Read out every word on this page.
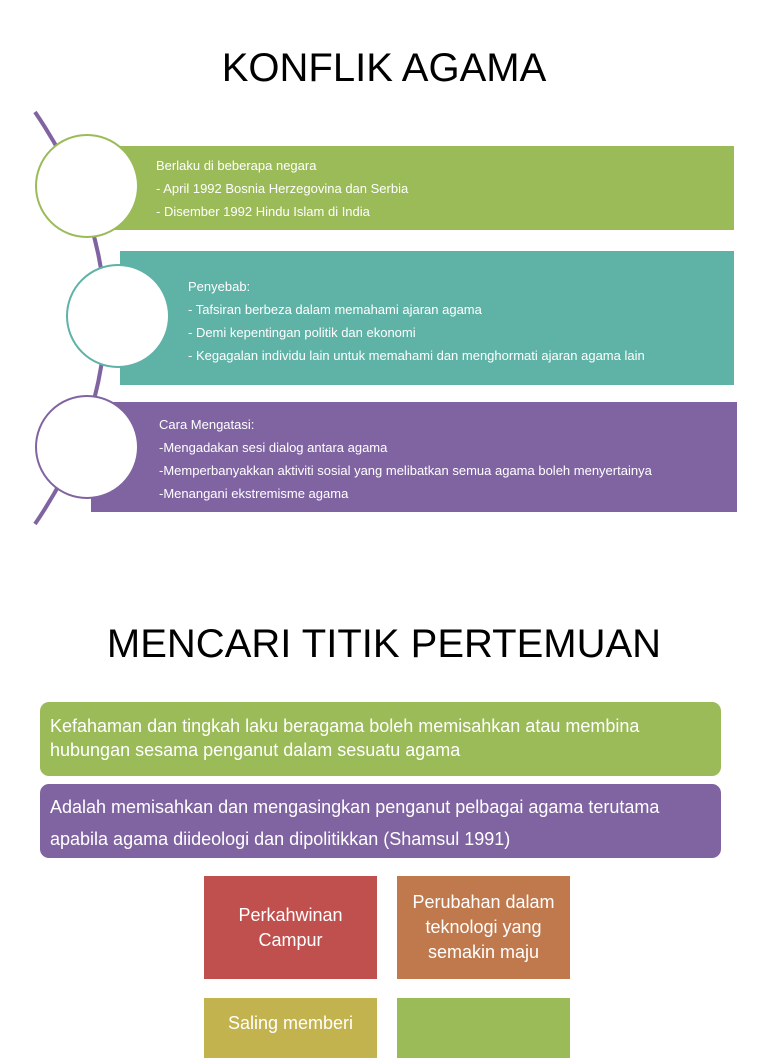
KONFLIK AGAMA
Berlaku di beberapa negara
- April 1992 Bosnia Herzegovina dan Serbia
- Disember 1992 Hindu Islam di India
Penyebab:
- Tafsiran berbeza dalam memahami ajaran agama
- Demi kepentingan politik dan ekonomi
- Kegagalan individu lain untuk memahami dan menghormati ajaran agama lain
Cara Mengatasi:
-Mengadakan sesi dialog antara agama
-Memperbanyakkan aktiviti sosial yang melibatkan semua agama boleh menyertainya
-Menangani ekstremisme agama
MENCARI TITIK PERTEMUAN
Kefahaman dan tingkah laku beragama boleh memisahkan atau membina hubungan sesama penganut dalam sesuatu agama
Adalah memisahkan dan mengasingkan penganut pelbagai agama terutama apabila agama diideologi dan dipolitikkan (Shamsul 1991)
Perkahwinan Campur
Perubahan dalam teknologi yang semakin maju
Saling memberi
